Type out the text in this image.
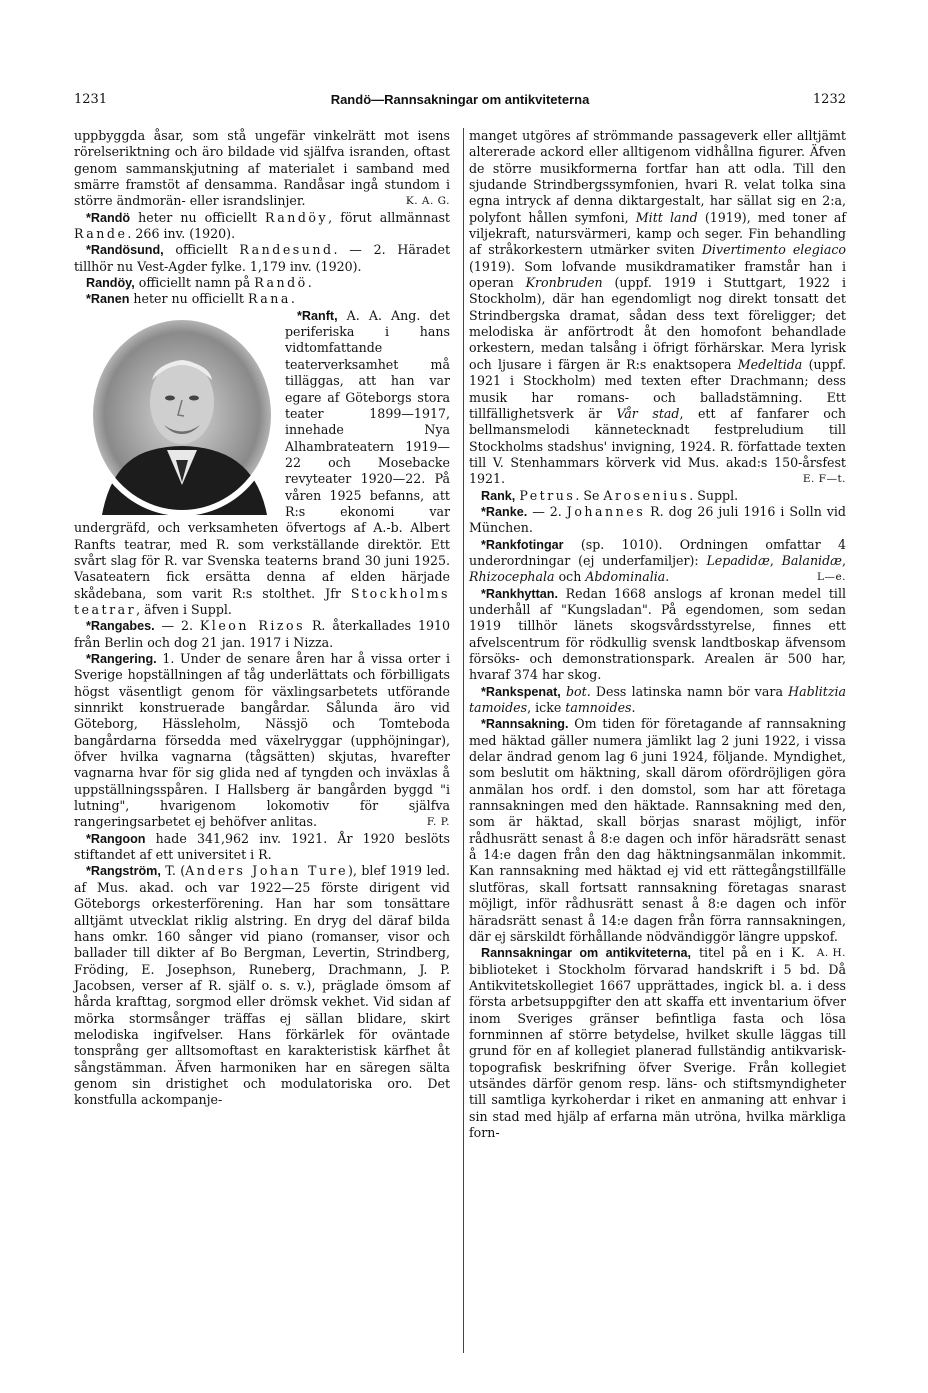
1231	Randö—Rannsakningar om antikviteterna	1232

uppbyggda åsar, som stå ungefär vinkelrätt mot isens rörelseriktning och äro bildade vid själfva isranden, oftast genom sammanskjutning af materialet i samband med smärre framstöt af densamma. Randåsar ingå stundom i större ändmorän- eller israndslinjer.	K. A. G.

*Randö heter nu officiellt Randöy, förut allmännast Rande. 266 inv. (1920).

*Randösund, officiellt Randesund. — 2. Häradet tillhör nu Vest-Agder fylke. 1,179 inv. (1920).

Randöy, officiellt namn på Randö.

*Ranen heter nu officiellt Rana.

*Ranft,
A. A. Ang. det periferiska i hans vidtomfattande teaterverksamhet må tilläggas, att han var egare af Göteborgs stora teater 1899—1917, innehade Nya Alhambrateatern 1919—22 och Mosebacke revyteater 1920—22. På våren 1925 befanns, att R:s ekonomi var undergräfd, och verksamheten öfvertogs af A.-b. Albert Ranfts teatrar, med R. som verkställande direktör. Ett svårt slag för R. var Svenska teaterns brand 30 juni 1925. Vasateatern fick ersätta denna af elden härjade skådebana, som varit R:s stolthet. Jfr Stockholms teatrar, äfven i Suppl.

*Rangabes. — 2. Kleon Rizos R. återkallades 1910 från Berlin och dog 21 jan. 1917 i Nizza.

*Rangering. 1. Under de senare åren har å vissa orter i Sverige hopställningen af tåg underlättats och förbilligats högst väsentligt genom för växlingsarbetets utförande sinnrikt konstruerade bangårdar. Sålunda äro vid Göteborg, Hässleholm, Nässjö och Tomteboda bangårdarna försedda med växelryggar (upphöjningar), öfver hvilka vagnarna (tågsätten) skjutas, hvarefter vagnarna hvar för sig glida ned af tyngden och inväxlas å uppställningsspåren. I Hallsberg är bangården byggd "i lutning", hvarigenom lokomotiv för själfva rangeringsarbetet ej behöfver anlitas.	F. P.

*Rangoon hade 341,962 inv. 1921. År 1920 beslöts stiftandet af ett universitet i R.

*Rangström, T. (Anders Johan Ture), blef 1919 led. af Mus. akad. och var 1922—25 förste dirigent vid Göteborgs orkesterförening. Han har som tonsättare alltjämt utvecklat riklig alstring. En dryg del däraf bilda hans omkr. 160 sånger vid piano (romanser, visor och ballader till dikter af Bo Bergman, Levertin, Strindberg, Fröding, E. Josephson, Runeberg, Drachmann, J. P. Jacobsen, verser af R. själf o. s. v.), präglade ömsom af hårda krafttag, sorgmod eller drömsk vekhet. Vid sidan af mörka stormsånger träffas ej sällan blidare, skirt melodiska ingifvelser. Hans förkärlek för oväntade tonsprång ger alltsomoftast en karakteristisk kärfhet åt sångstämman. Äfven harmoniken har en säregen sälta genom sin dristighet och modulatoriska oro. Det konstfulla ackompanje-

manget utgöres af strömmande passageverk eller alltjämt altererade ackord eller alltigenom vidhållna figurer. Äfven de större musikformerna fortfar han att odla. Till den sjudande Strindbergssymfonien, hvari R. velat tolka sina egna intryck af denna diktargestalt, har sällat sig en 2:a, polyfont hållen symfoni, Mitt land (1919), med toner af viljekraft, natursvärmeri, kamp och seger. Fin behandling af stråkorkestern utmärker sviten Divertimento elegiaco (1919). Som lofvande musikdramatiker framstår han i operan Kronbruden (uppf. 1919 i Stuttgart, 1922 i Stockholm), där han egendomligt nog direkt tonsatt det Strindbergska dramat, sådan dess text föreligger; det melodiska är anförtrodt åt den homofont behandlade orkestern, medan talsång i öfrigt förhärskar. Mera lyrisk och ljusare i färgen är R:s enaktsopera Medeltida (uppf. 1921 i Stockholm) med texten efter Drachmann; dess musik har romans- och balladstämning. Ett tillfällighetsverk är Vår stad, ett af fanfarer och bellmansmelodi kännetecknadt festpreludium till Stockholms stadshus' invigning, 1924. R. författade texten till V. Stenhammars körverk vid Mus. akad:s 150-årsfest 1921.	E. F—t.

Rank, Petrus. Se Arosenius. Suppl.

*Ranke. — 2. Johannes R. dog 26 juli 1916 i Solln vid München.

*Rankfotingar (sp. 1010). Ordningen omfattar 4 underordningar (ej underfamiljer): Lepadidæ, Balanidæ, Rhizocephala och Abdominalia.	L—e.

*Rankhyttan. Redan 1668 anslogs af kronan medel till underhåll af "Kungsladan". På egendomen, som sedan 1919 tillhör länets skogsvårdsstyrelse, finnes ett afvelscentrum för rödkullig svensk landtboskap äfvensom försöks- och demonstrationspark. Arealen är 500 har, hvaraf 374 har skog.

*Rankspenat, bot. Dess latinska namn bör vara Hablitzia tamoides, icke tamnoides.

*Rannsakning. Om tiden för företagande af rannsakning med häktad gäller numera jämlikt lag 2 juni 1922, i vissa delar ändrad genom lag 6 juni 1924, följande. Myndighet, som beslutit om häktning, skall därom ofördröjligen göra anmälan hos ordf. i den domstol, som har att företaga rannsakningen med den häktade. Rannsakning med den, som är häktad, skall börjas snarast möjligt, inför rådhusrätt senast å 8:e dagen och inför häradsrätt senast å 14:e dagen från den dag häktningsanmälan inkommit. Kan rannsakning med häktad ej vid ett rättegångstillfälle slutföras, skall fortsatt rannsakning företagas snarast möjligt, inför rådhusrätt senast å 8:e dagen och inför häradsrätt senast å 14:e dagen från förra rannsakningen, där ej särskildt förhållande nödvändiggör längre uppskof.
A. H.

Rannsakningar om antikviteterna, titel på en i K. biblioteket i Stockholm förvarad handskrift i 5 bd. Då Antikvitetskollegiet 1667 upprättades, ingick bl. a. i dess första arbetsuppgifter den att skaffa ett inventarium öfver inom Sveriges gränser befintliga fasta och lösa fornminnen af större betydelse, hvilket skulle läggas till grund för en af kollegiet planerad fullständig antikvarisk-topografisk beskrifning öfver Sverige. Från kollegiet utsändes därför genom resp. läns- och stiftsmyndigheter till samtliga kyrkoherdar i riket en anmaning att enhvar i sin stad med hjälp af erfarna män utröna, hvilka märkliga forn-
